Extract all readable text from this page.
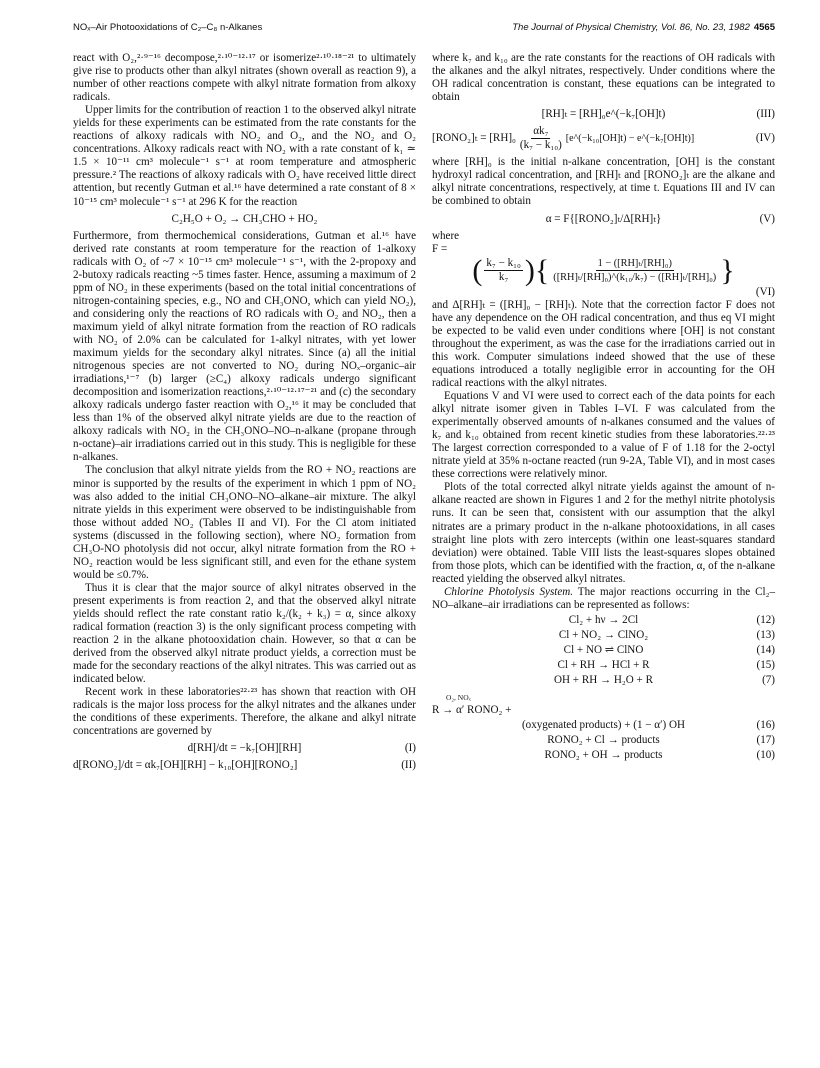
NOₓ–Air Photooxidations of C₂–C₈ n-Alkanes	The Journal of Physical Chemistry, Vol. 86, No. 23, 1982 4565

react with O₂,²·⁹⁻¹⁶ decompose,²·¹⁰⁻¹²·¹⁷ or isomerize²·¹⁰·¹⁸⁻²¹ to ultimately give rise to products other than alkyl nitrates (shown overall as reaction 9), a number of other reactions compete with alkyl nitrate formation from alkoxy radicals.

Upper limits for the contribution of reaction 1 to the observed alkyl nitrate yields for these experiments can be estimated from the rate constants for the reactions of alkoxy radicals with NO₂ and O₂, and the NO₂ and O₂ concentrations. Alkoxy radicals react with NO₂ with a rate constant of k₁ ≃ 1.5 × 10⁻¹¹ cm³ molecule⁻¹ s⁻¹ at room temperature and atmospheric pressure.² The reactions of alkoxy radicals with O₂ have received little direct attention, but recently Gutman et al.¹⁶ have determined a rate constant of 8 × 10⁻¹⁵ cm³ molecule⁻¹ s⁻¹ at 296 K for the reaction

C₂H₅O + O₂ → CH₃CHO + HO₂

Furthermore, from thermochemical considerations, Gutman et al.¹⁶ have derived rate constants at room temperature for the reaction of 1-alkoxy radicals with O₂ of ~7 × 10⁻¹⁵ cm³ molecule⁻¹ s⁻¹, with the 2-propoxy and 2-butoxy radicals reacting ~5 times faster. Hence, assuming a maximum of 2 ppm of NO₂ in these experiments (based on the total initial concentrations of nitrogen-containing species, e.g., NO and CH₃ONO, which can yield NO₂), and considering only the reactions of RO radicals with O₂ and NO₂, then a maximum yield of alkyl nitrate formation from the reaction of RO radicals with NO₂ of 2.0% can be calculated for 1-alkyl nitrates, with yet lower maximum yields for the secondary alkyl nitrates. Since (a) all the initial nitrogenous species are not converted to NO₂ during NOₓ–organic–air irradiations,¹⁻⁷ (b) larger (≥C₄) alkoxy radicals undergo significant decomposition and isomerization reactions,²·¹⁰⁻¹²·¹⁷⁻²¹ and (c) the secondary alkoxy radicals undergo faster reaction with O₂,¹⁶ it may be concluded that less than 1% of the observed alkyl nitrate yields are due to the reaction of alkoxy radicals with NO₂ in the CH₃ONO–NO–n-alkane (propane through n-octane)–air irradiations carried out in this study. This is negligible for these n-alkanes.

The conclusion that alkyl nitrate yields from the RO + NO₂ reactions are minor is supported by the results of the experiment in which 1 ppm of NO₂ was also added to the initial CH₃ONO–NO–alkane–air mixture. The alkyl nitrate yields in this experiment were observed to be indistinguishable from those without added NO₂ (Tables II and VI). For the Cl atom initiated systems (discussed in the following section), where NO₂ formation from CH₃O-NO photolysis did not occur, alkyl nitrate formation from the RO + NO₂ reaction would be less significant still, and even for the ethane system would be ≤0.7%.

Thus it is clear that the major source of alkyl nitrates observed in the present experiments is from reaction 2, and that the observed alkyl nitrate yields should reflect the rate constant ratio k₂/(k₂ + k₃) = α, since alkoxy radical formation (reaction 3) is the only significant process competing with reaction 2 in the alkane photooxidation chain. However, so that α can be derived from the observed alkyl nitrate product yields, a correction must be made for the secondary reactions of the alkyl nitrates. This was carried out as indicated below.

Recent work in these laboratories²²·²³ has shown that reaction with OH radicals is the major loss process for the alkyl nitrates and the alkanes under the conditions of these experiments. Therefore, the alkane and alkyl nitrate concentrations are governed by

d[RH]/dt = −k₇[OH][RH]	(I)
d[RONO₂]/dt = αk₇[OH][RH] − k₁₀[OH][RONO₂]	(II)

where k₇ and k₁₀ are the rate constants for the reactions of OH radicals with the alkanes and the alkyl nitrates, respectively. Under conditions where the OH radical concentration is constant, these equations can be integrated to obtain

[RH]ₜ = [RH]₀e^(−k₇[OH]t)	(III)
[RONO₂]ₜ = $[RH]_0 \frac{\text{αk₇}}{\text{(k₇ − k₁₀)}}$ [e^(−k₁₀[OH]t) − e^(−k₇[OH]t)]	(IV)

where [RH]₀ is the initial n-alkane concentration, [OH] is the constant hydroxyl radical concentration, and [RH]ₜ and [RONO₂]ₜ are the alkane and alkyl nitrate concentrations, respectively, at time t. Equations III and IV can be combined to obtain

α = F{[RONO₂]ₜ/Δ[RH]ₜ}	(V)

where

F =

( $\frac{\text{k₇ − k₁₀}}{\text{k₇}}$ ) { $\frac{\text{1 − ([RH]ₜ/[RH]₀)}}{\text{([RH]ₜ/[RH]₀)\textasciicircum{}(k₁₀/k₇) − ([RH]ₜ/[RH]₀)}}$ }
(VI)

and Δ[RH]ₜ = ([RH]₀ − [RH]ₜ). Note that the correction factor F does not have any dependence on the OH radical concentration, and thus eq VI might be expected to be valid even under conditions where [OH] is not constant throughout the experiment, as was the case for the irradiations carried out in this work. Computer simulations indeed showed that the use of these equations introduced a totally negligible error in accounting for the OH radical reactions with the alkyl nitrates.

Equations V and VI were used to correct each of the data points for each alkyl nitrate isomer given in Tables I–VI. F was calculated from the experimentally observed amounts of n-alkanes consumed and the values of k₇ and k₁₀ obtained from recent kinetic studies from these laboratories.²²·²³ The largest correction corresponded to a value of F of 1.18 for the 2-octyl nitrate yield at 35% n-octane reacted (run 9-2A, Table VI), and in most cases these corrections were relatively minor.

Plots of the total corrected alkyl nitrate yields against the amount of n-alkane reacted are shown in Figures 1 and 2 for the methyl nitrite photolysis runs. It can be seen that, consistent with our assumption that the alkyl nitrates are a primary product in the n-alkane photooxidations, in all cases straight line plots with zero intercepts (within one least-squares standard deviation) were obtained. Table VIII lists the least-squares slopes obtained from those plots, which can be identified with the fraction, α, of the n-alkane reacted yielding the observed alkyl nitrates.

Chlorine Photolysis System. The major reactions occurring in the Cl₂–NO–alkane–air irradiations can be represented as follows:

Cl₂ + hν → 2Cl	(12)
Cl + NO₂ → ClNO₂	(13)
Cl + NO ⇌ ClNO	(14)
Cl + RH → HCl + R	(15)
OH + RH → H₂O + R	(7)
O₂, NOₓ
R → α′ RONO₂ +
(oxygenated products) + (1 − α′) OH	(16)
RONO₂ + Cl → products	(17)
RONO₂ + OH → products	(10)
